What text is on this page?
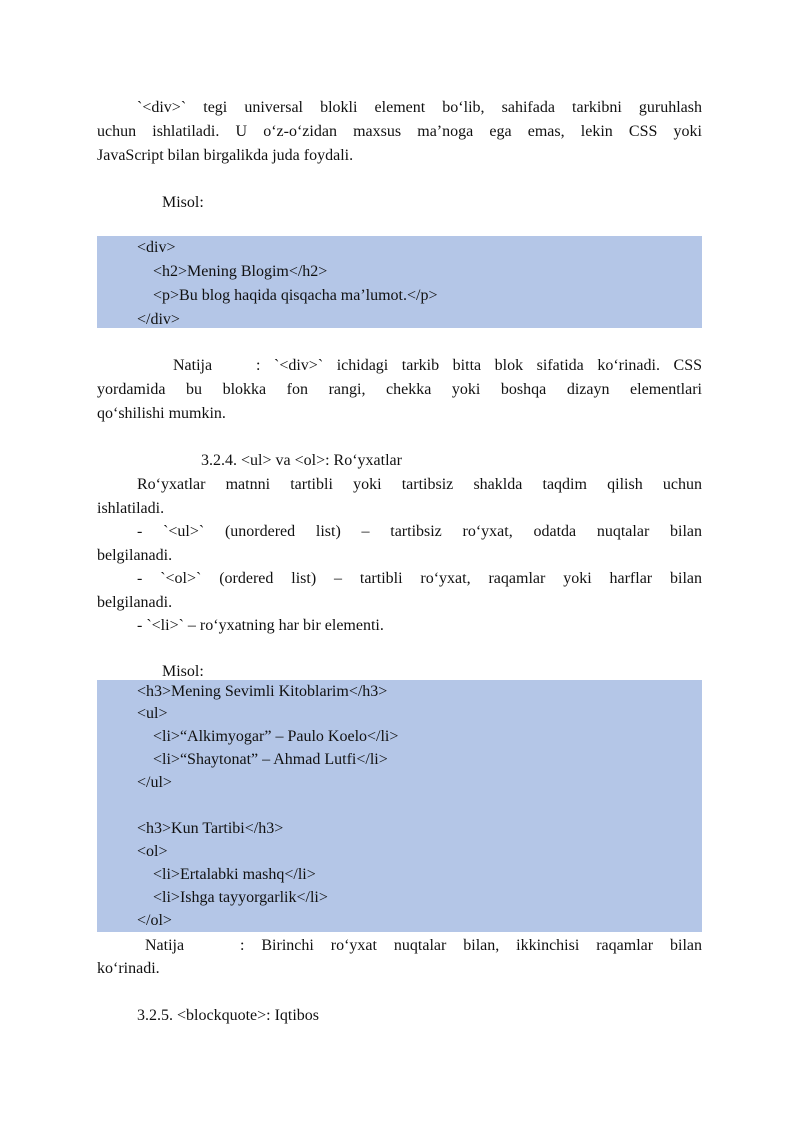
`<div>` tegi universal blokli element bo‘lib, sahifada tarkibni guruhlash

uchun ishlatiladi. U o‘z-o‘zidan maxsus ma’noga ega emas, lekin CSS yoki

JavaScript bilan birgalikda juda foydali.

Misol:

<div>
<h2>Mening Blogim</h2>
<p>Bu blog haqida qisqacha ma’lumot.</p>
</div>

Natija	: `<div>` ichidagi tarkib bitta blok sifatida ko‘rinadi. CSS

yordamida bu blokka fon rangi, chekka yoki boshqa dizayn elementlari

qo‘shilishi mumkin.

3.2.4. <ul> va <ol>: Ro‘yxatlar

Ro‘yxatlar matnni tartibli yoki tartibsiz shaklda taqdim qilish uchun

ishlatiladi.

- `<ul>` (unordered list) – tartibsiz ro‘yxat, odatda nuqtalar bilan

belgilanadi.

- `<ol>` (ordered list) – tartibli ro‘yxat, raqamlar yoki harflar bilan

belgilanadi.

- `<li>` – ro‘yxatning har bir elementi.

Misol:

<h3>Mening Sevimli Kitoblarim</h3>
<ul>
<li>“Alkimyogar” – Paulo Koelo</li>
<li>“Shaytonat” – Ahmad Lutfi</li>
</ul>
<h3>Kun Tartibi</h3>
<ol>
<li>Ertalabki mashq</li>
<li>Ishga tayyorgarlik</li>
</ol>

Natija	: Birinchi ro‘yxat nuqtalar bilan, ikkinchisi raqamlar bilan

ko‘rinadi.

3.2.5. <blockquote>: Iqtibos
